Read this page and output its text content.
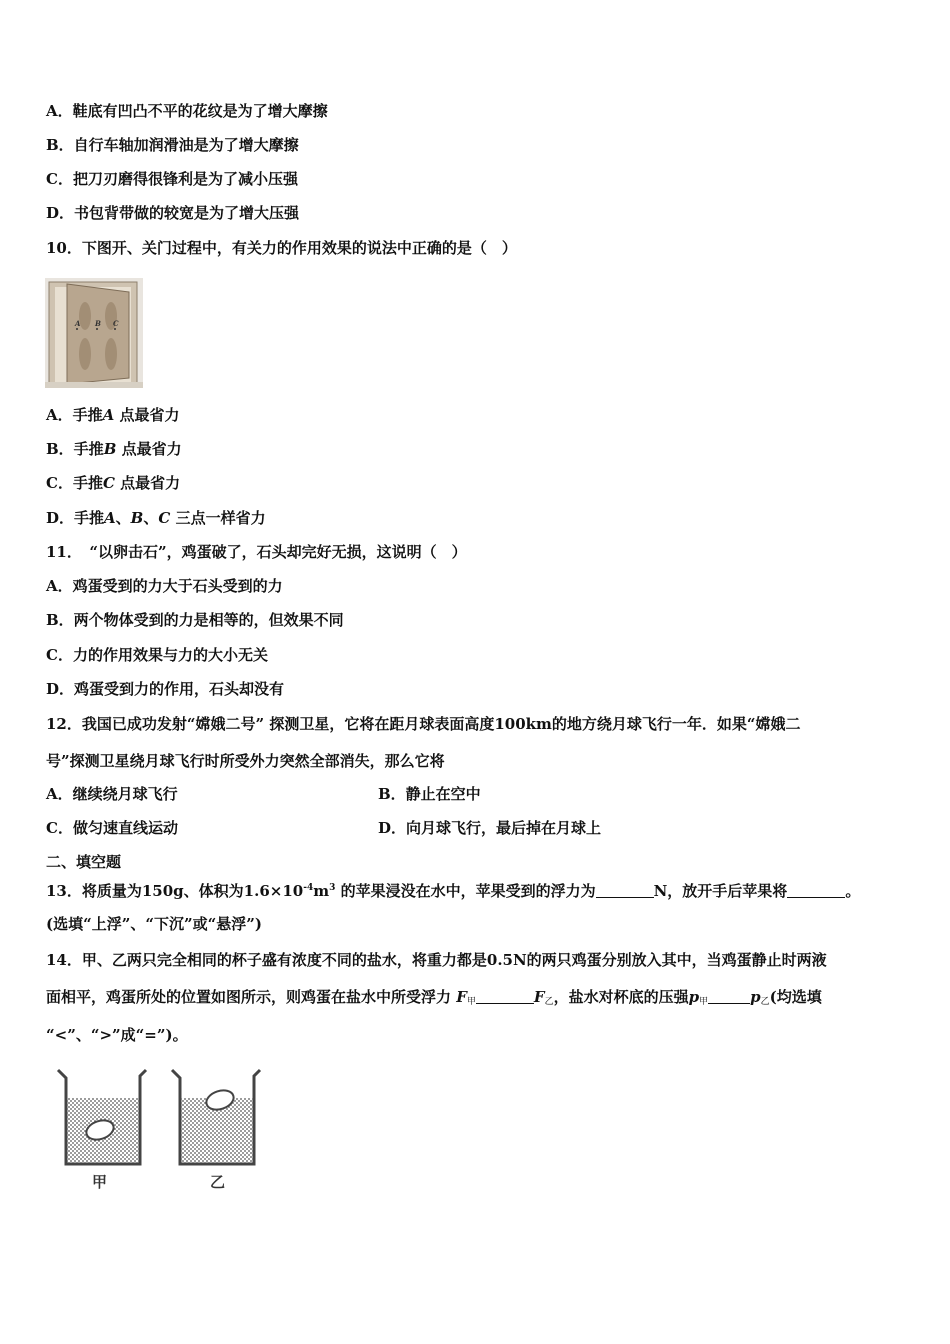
A．鞋底有凹凸不平的花纹是为了增大摩擦
B．自行车轴加润滑油是为了增大摩擦
C．把刀刃磨得很锋利是为了减小压强
D．书包背带做的较宽是为了增大压强
10．下图开、关门过程中，有关力的作用效果的说法中正确的是（　）
A B C
A．手推A 点最省力
B．手推B 点最省力
C．手推C 点最省力
D．手推A、B、C 三点一样省力
11．　“以卵击石”，鸡蛋破了，石头却完好无损，这说明（　）
A．鸡蛋受到的力大于石头受到的力
B．两个物体受到的力是相等的，但效果不同
C．力的作用效果与力的大小无关
D．鸡蛋受到力的作用，石头却没有
12．我国已成功发射“嫦娥二号” 探测卫星，它将在距月球表面高度100km的地方绕月球飞行一年．如果“嫦娥二
号”探测卫星绕月球飞行时所受外力突然全部消失，那么它将
A．继续绕月球飞行	B．静止在空中
C．做匀速直线运动	D．向月球飞行，最后掉在月球上
二、填空题
13．将质量为150g、体积为$1.6\times 10^{-4}m^3$ 的苹果浸没在水中，苹果受到的浮力为	N，放开手后苹果将	。
(选填“上浮”、“下沉”或“悬浮”)
14．甲、乙两只完全相同的杯子盛有浓度不同的盐水，将重力都是0.5N的两只鸡蛋分别放入其中，当鸡蛋静止时两液
面相平，鸡蛋所处的位置如图所示，则鸡蛋在盐水中所受浮力 $F_甲$	$F_乙$，盐水对杯底的压强$p_甲$	$p_乙$(均选填
“<”、“>”成“=”)。
甲	乙
